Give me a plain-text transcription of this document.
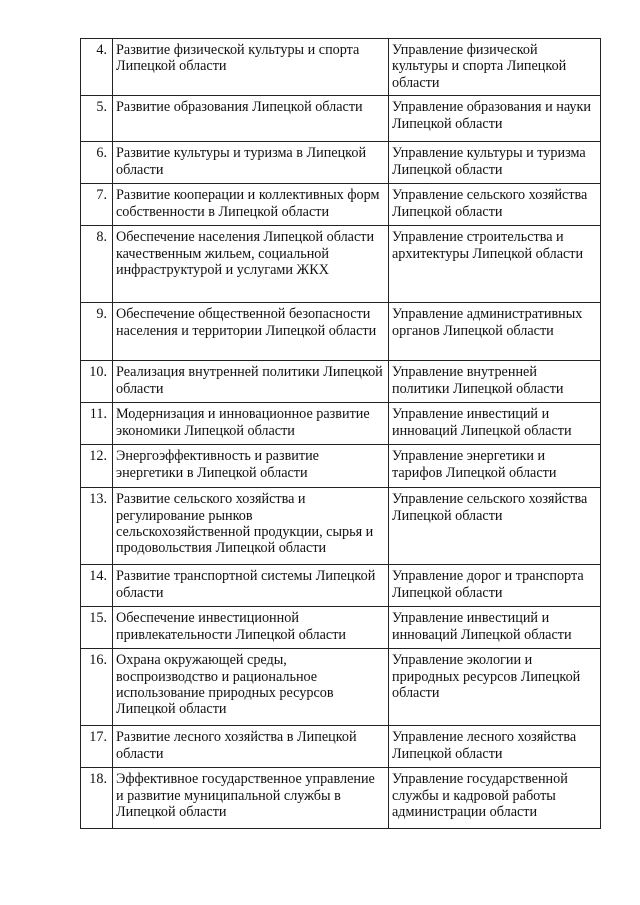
4.	Развитие физической культуры и спорта Липецкой области	Управление физической культуры и спорта Липецкой области
5.	Развитие образования Липецкой области	Управление образования и науки Липецкой области
6.	Развитие культуры и туризма в Липецкой области	Управление культуры и туризма Липецкой области
7.	Развитие кооперации и коллективных форм собственности в Липецкой области	Управление сельского хозяйства Липецкой области
8.	Обеспечение населения Липецкой области качественным жильем, социальной инфраструктурой и услугами ЖКХ	Управление строительства и архитектуры Липецкой области
9.	Обеспечение общественной безопасности населения и территории Липецкой области	Управление административных органов Липецкой области
10.	Реализация внутренней политики Липецкой области	Управление внутренней политики Липецкой области
11.	Модернизация и инновационное развитие экономики Липецкой области	Управление инвестиций и инноваций Липецкой области
12.	Энергоэффективность и развитие энергетики в Липецкой области	Управление энергетики и тарифов Липецкой области
13.	Развитие сельского хозяйства и регулирование рынков сельскохозяйственной продукции, сырья и продовольствия Липецкой области	Управление сельского хозяйства Липецкой области
14.	Развитие транспортной системы Липецкой области	Управление дорог и транспорта Липецкой области
15.	Обеспечение инвестиционной привлекательности Липецкой области	Управление инвестиций и инноваций Липецкой области
16.	Охрана окружающей среды, воспроизводство и рациональное использование природных ресурсов Липецкой области	Управление экологии и природных ресурсов Липецкой области
17.	Развитие лесного хозяйства в Липецкой области	Управление лесного хозяйства Липецкой области
18.	Эффективное государственное управление и развитие муниципальной службы в Липецкой области	Управление государственной службы и кадровой работы администрации области
